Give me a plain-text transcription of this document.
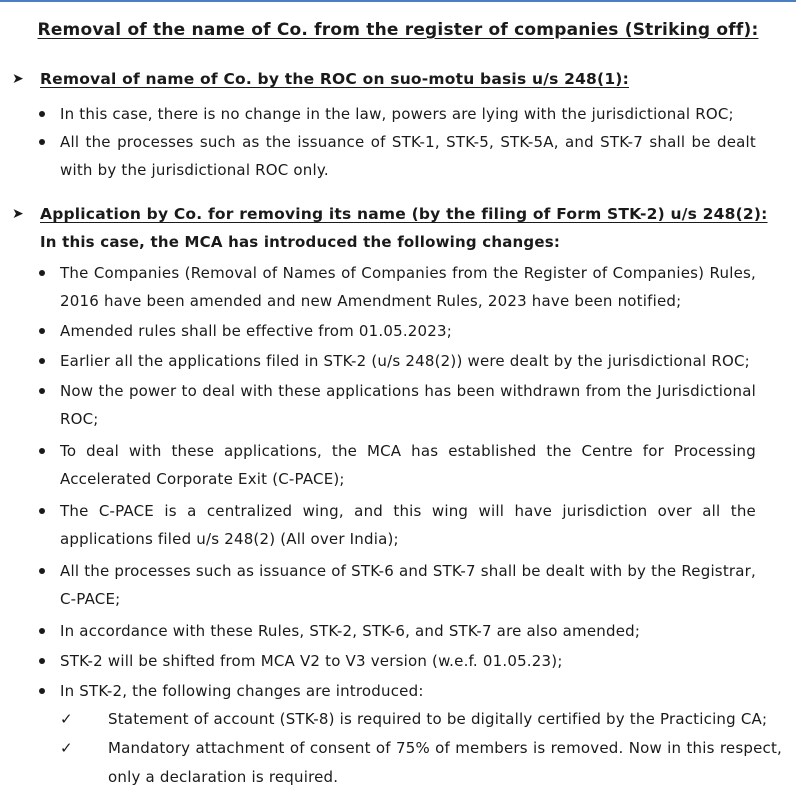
Removal of the name of Co. from the register of companies (Striking off):
➤ Removal of name of Co. by the ROC on suo-motu basis u/s 248(1):
In this case, there is no change in the law, powers are lying with the jurisdictional ROC;
All the processes such as the issuance of STK-1, STK-5, STK-5A, and STK-7 shall be dealt with by the jurisdictional ROC only.
➤ Application by Co. for removing its name (by the filing of Form STK-2) u/s 248(2):
In this case, the MCA has introduced the following changes:
The Companies (Removal of Names of Companies from the Register of Companies) Rules, 2016 have been amended and new Amendment Rules, 2023 have been notified;
Amended rules shall be effective from 01.05.2023;
Earlier all the applications filed in STK-2 (u/s 248(2)) were dealt by the jurisdictional ROC;
Now the power to deal with these applications has been withdrawn from the Jurisdictional ROC;
To deal with these applications, the MCA has established the Centre for Processing Accelerated Corporate Exit (C-PACE);
The C-PACE is a centralized wing, and this wing will have jurisdiction over all the applications filed u/s 248(2) (All over India);
All the processes such as issuance of STK-6 and STK-7 shall be dealt with by the Registrar, C-PACE;
In accordance with these Rules, STK-2, STK-6, and STK-7 are also amended;
STK-2 will be shifted from MCA V2 to V3 version (w.e.f. 01.05.23);
In STK-2, the following changes are introduced:
✓ Statement of account (STK-8) is required to be digitally certified by the Practicing CA;
✓ Mandatory attachment of consent of 75% of members is removed. Now in this respect, only a declaration is required.
